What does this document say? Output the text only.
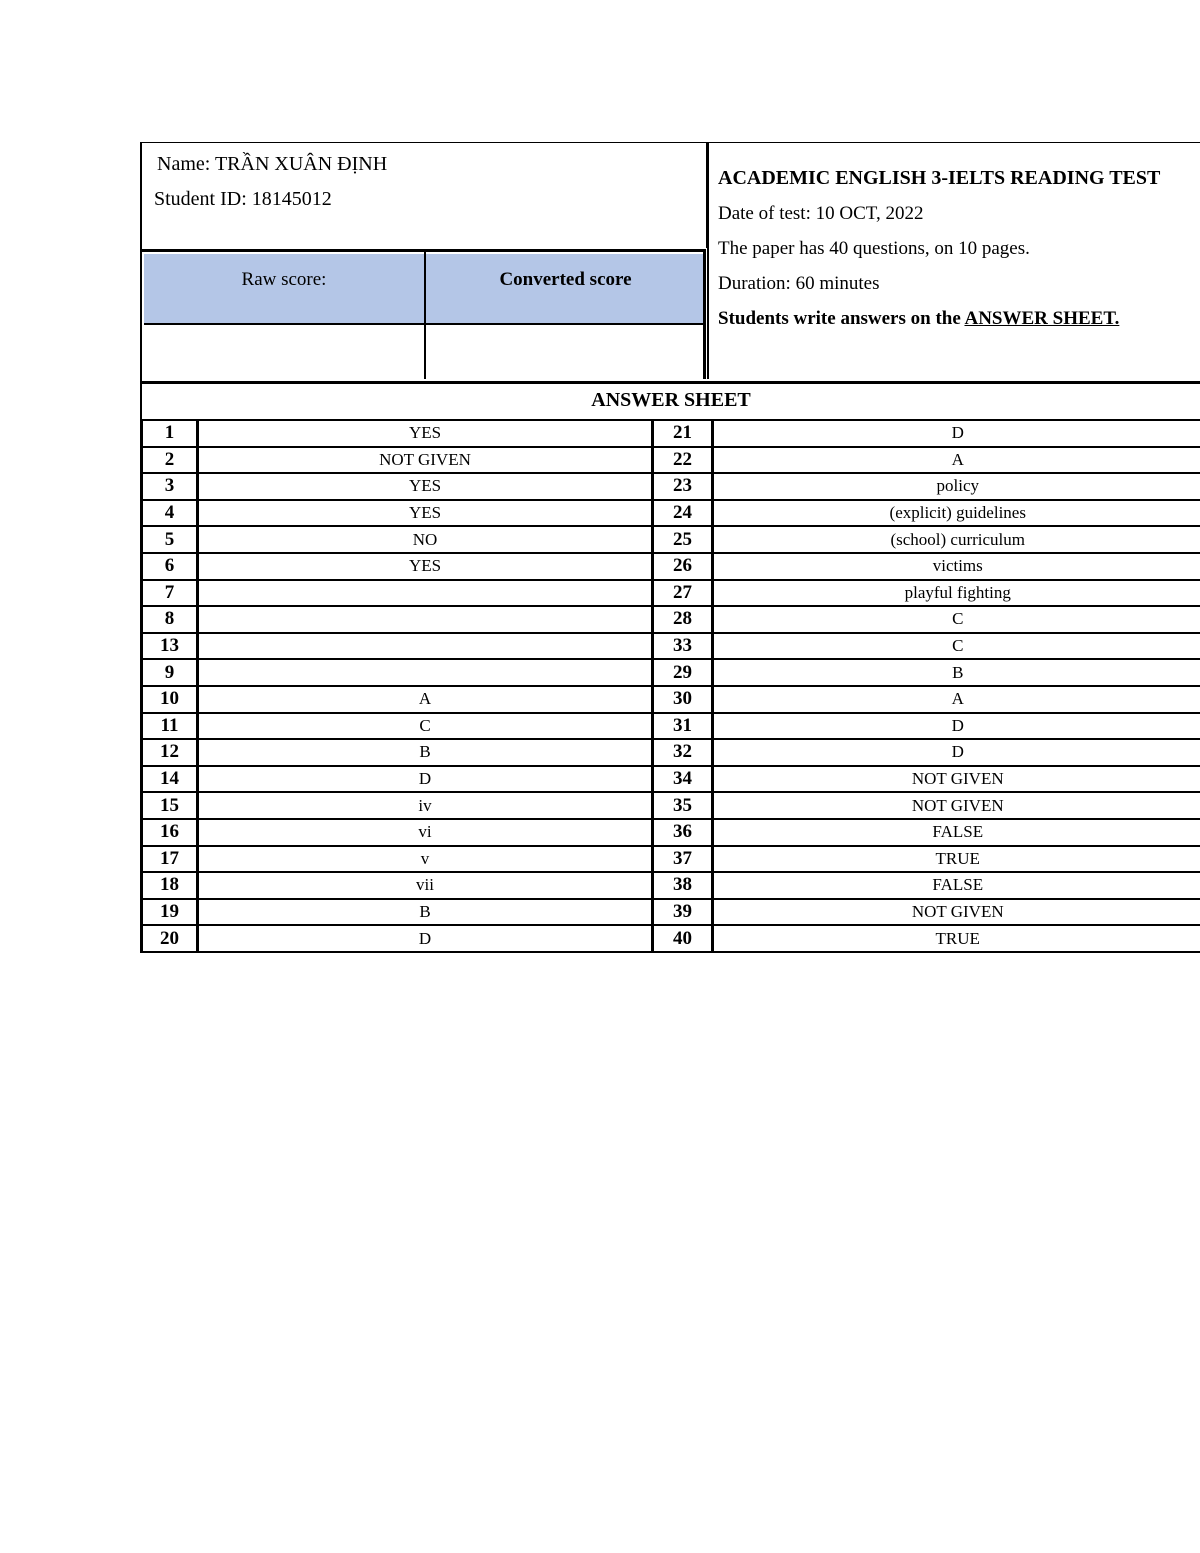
Name: TRẦN XUÂN ĐỊNH
Student ID: 18145012
Raw score:	Converted score
ACADEMIC ENGLISH 3-IELTS READING TEST
Date of test: 10 OCT, 2022
The paper has 40 questions, on 10 pages.
Duration: 60 minutes
Students write answers on the ANSWER SHEET.
ANSWER SHEET
1	YES	21	D
2	NOT GIVEN	22	A
3	YES	23	policy
4	YES	24	(explicit) guidelines
5	NO	25	(school) curriculum
6	YES	26	victims
7		27	playful fighting
8		28	C
13		33	C
9		29	B
10	A	30	A
11	C	31	D
12	B	32	D
14	D	34	NOT GIVEN
15	iv	35	NOT GIVEN
16	vi	36	FALSE
17	v	37	TRUE
18	vii	38	FALSE
19	B	39	NOT GIVEN
20	D	40	TRUE
